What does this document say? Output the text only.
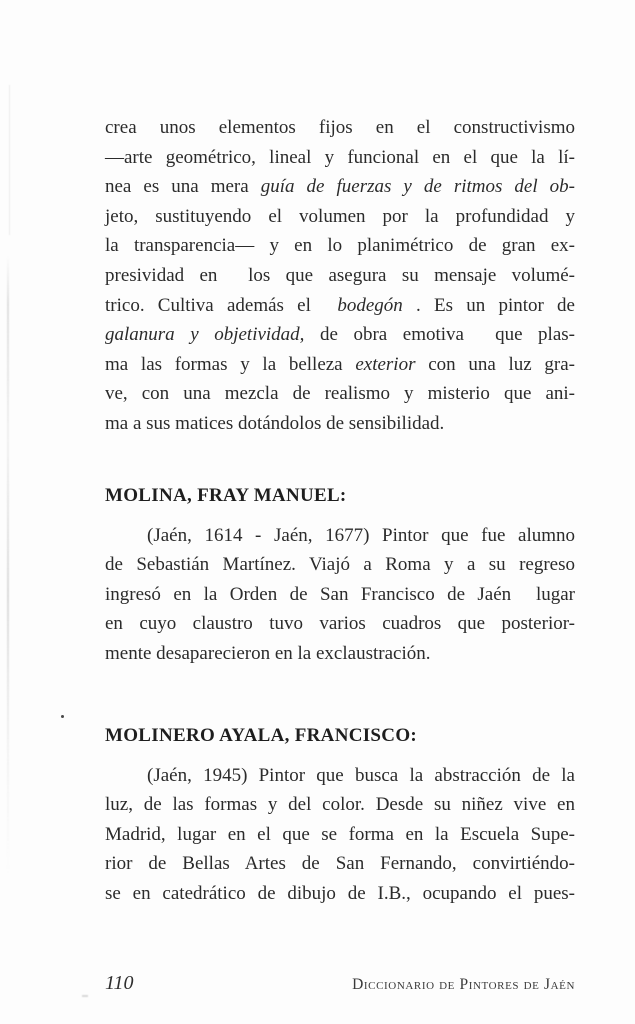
crea unos elementos fijos en el constructivismo
—arte geométrico, lineal y funcional en el que la lí-
nea es una mera guía de fuerzas y de ritmos del ob-
jeto, sustituyendo el volumen por la profundidad y
la transparencia— y en lo planimétrico de gran ex-
presividad en  los que asegura su mensaje volumé-
trico. Cultiva además el  bodegón . Es un pintor de
galanura y objetividad, de obra emotiva  que plas-
ma las formas y la belleza exterior con una luz gra-
ve, con una mezcla de realismo y misterio que ani-
ma a sus matices dotándolos de sensibilidad.
MOLINA, FRAY MANUEL:
(Jaén, 1614 - Jaén, 1677) Pintor que fue alumno
de Sebastián Martínez. Viajó a Roma y a su regreso
ingresó en la Orden de San Francisco de Jaén  lugar
en cuyo claustro tuvo varios cuadros que posterior-
mente desaparecieron en la exclaustración.
MOLINERO AYALA, FRANCISCO:
(Jaén, 1945) Pintor que busca la abstracción de la
luz, de las formas y del color. Desde su niñez vive en
Madrid, lugar en el que se forma en la Escuela Supe-
rior de Bellas Artes de San Fernando, convirtiéndo-
se en catedrático de dibujo de I.B., ocupando el pues-
110	Diccionario de Pintores de Jaén
